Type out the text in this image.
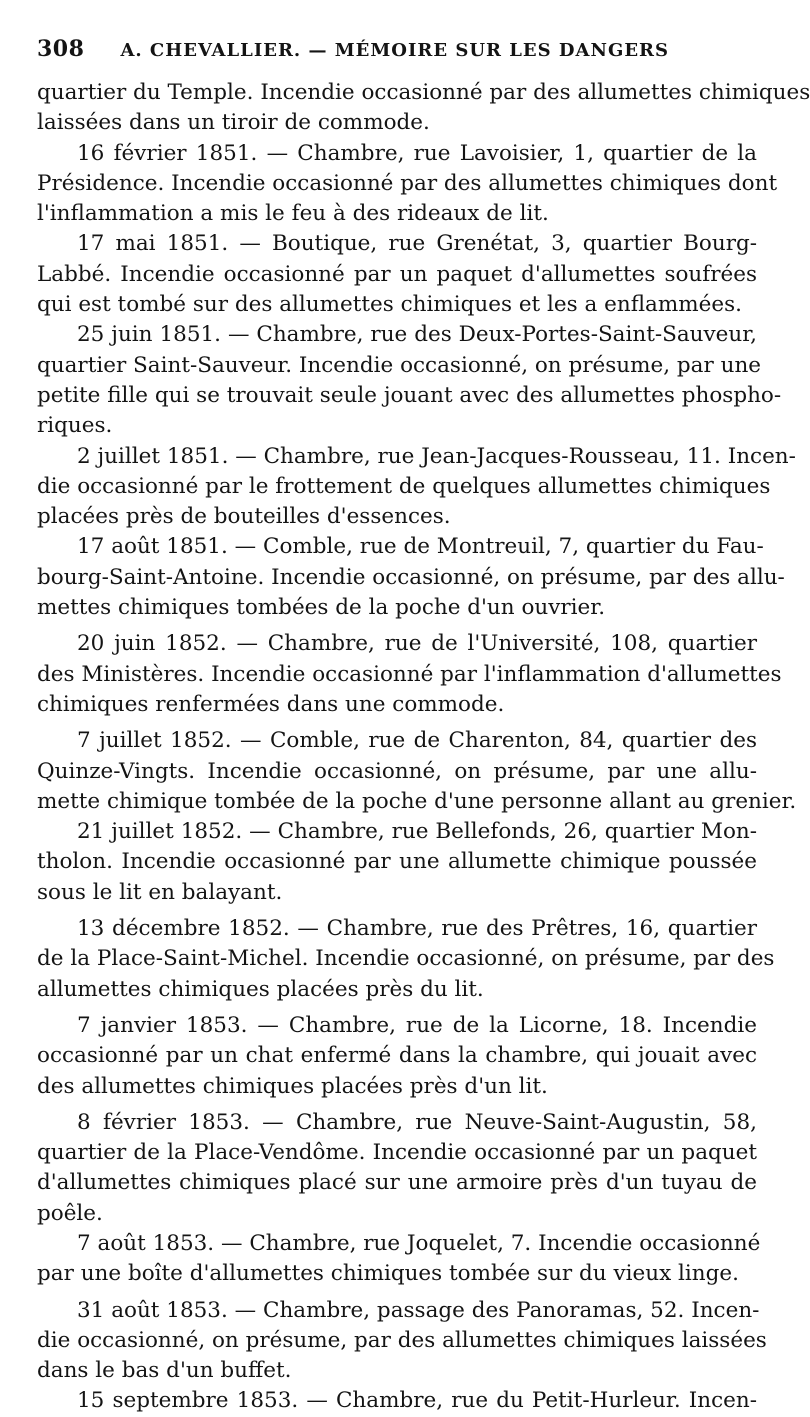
308 A. CHEVALLIER. — MÉMOIRE SUR LES DANGERS
quartier du Temple. Incendie occasionné par des allumettes chimiques
laissées dans un tiroir de commode.
16 février 1851. — Chambre, rue Lavoisier, 1, quartier de la
Présidence. Incendie occasionné par des allumettes chimiques dont
l'inflammation a mis le feu à des rideaux de lit.
17 mai 1851. — Boutique, rue Grenétat, 3, quartier Bourg-
Labbé. Incendie occasionné par un paquet d'allumettes soufrées
qui est tombé sur des allumettes chimiques et les a enflammées.
25 juin 1851. — Chambre, rue des Deux-Portes-Saint-Sauveur,
quartier Saint-Sauveur. Incendie occasionné, on présume, par une
petite fille qui se trouvait seule jouant avec des allumettes phospho-
riques.
2 juillet 1851. — Chambre, rue Jean-Jacques-Rousseau, 11. Incen-
die occasionné par le frottement de quelques allumettes chimiques
placées près de bouteilles d'essences.
17 août 1851. — Comble, rue de Montreuil, 7, quartier du Fau-
bourg-Saint-Antoine. Incendie occasionné, on présume, par des allu-
mettes chimiques tombées de la poche d'un ouvrier.
20 juin 1852. — Chambre, rue de l'Université, 108, quartier
des Ministères. Incendie occasionné par l'inflammation d'allumettes
chimiques renfermées dans une commode.
7 juillet 1852. — Comble, rue de Charenton, 84, quartier des
Quinze-Vingts. Incendie occasionné, on présume, par une allu-
mette chimique tombée de la poche d'une personne allant au grenier.
21 juillet 1852. — Chambre, rue Bellefonds, 26, quartier Mon-
tholon. Incendie occasionné par une allumette chimique poussée
sous le lit en balayant.
13 décembre 1852. — Chambre, rue des Prêtres, 16, quartier
de la Place-Saint-Michel. Incendie occasionné, on présume, par des
allumettes chimiques placées près du lit.
7 janvier 1853. — Chambre, rue de la Licorne, 18. Incendie
occasionné par un chat enfermé dans la chambre, qui jouait avec
des allumettes chimiques placées près d'un lit.
8 février 1853. — Chambre, rue Neuve-Saint-Augustin, 58,
quartier de la Place-Vendôme. Incendie occasionné par un paquet
d'allumettes chimiques placé sur une armoire près d'un tuyau de
poêle.
7 août 1853. — Chambre, rue Joquelet, 7. Incendie occasionné
par une boîte d'allumettes chimiques tombée sur du vieux linge.
31 août 1853. — Chambre, passage des Panoramas, 52. Incen-
die occasionné, on présume, par des allumettes chimiques laissées
dans le bas d'un buffet.
15 septembre 1853. — Chambre, rue du Petit-Hurleur. Incen-
